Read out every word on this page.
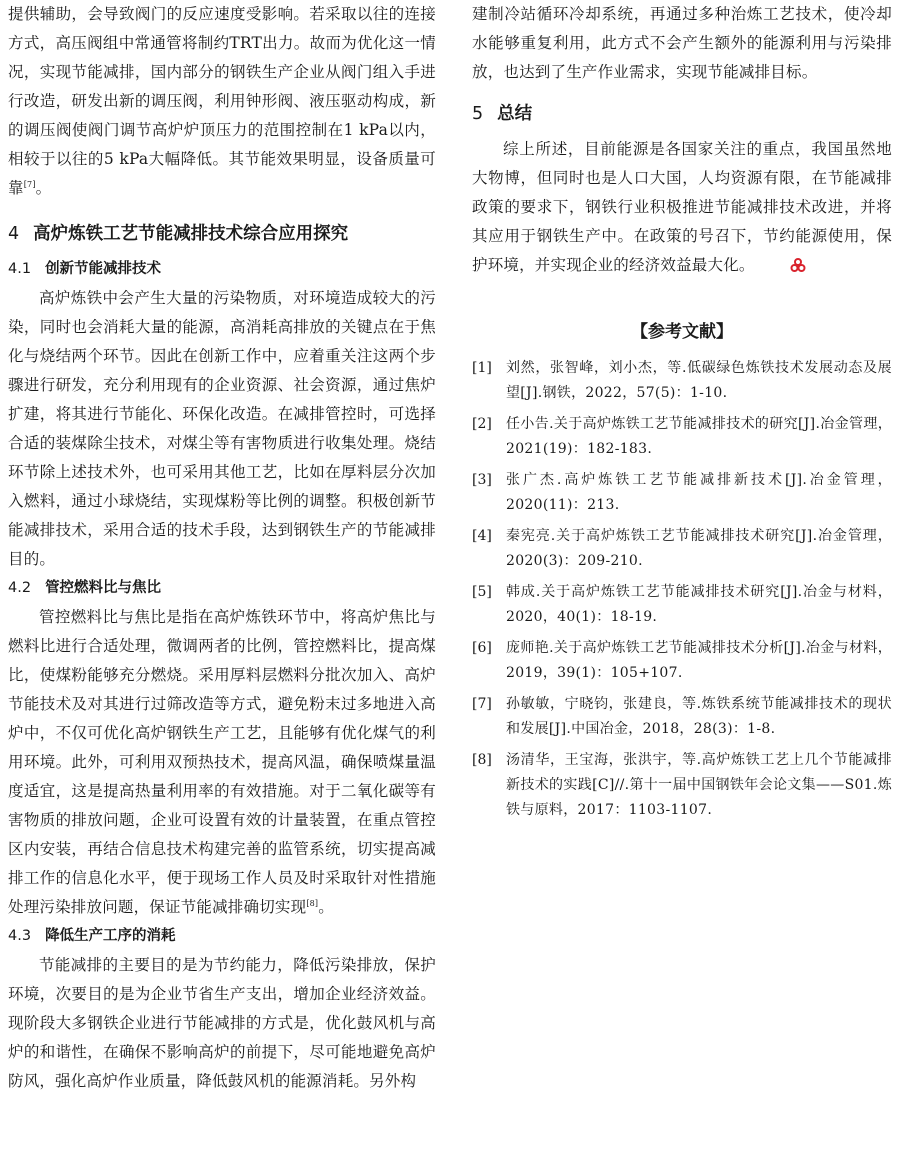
提供辅助，会导致阀门的反应速度受影响。若采取以往的连接方式，高压阀组中常通管将制约TRT出力。故而为优化这一情况，实现节能减排，国内部分的钢铁生产企业从阀门组入手进行改造，研发出新的调压阀，利用钟形阀、液压驱动构成，新的调压阀使阀门调节高炉炉顶压力的范围控制在1 kPa以内，相较于以往的5 kPa大幅降低。其节能效果明显，设备质量可靠[7]。

4 高炉炼铁工艺节能减排技术综合应用探究
4.1 创新节能减排技术

高炉炼铁中会产生大量的污染物质，对环境造成较大的污染，同时也会消耗大量的能源，高消耗高排放的关键点在于焦化与烧结两个环节。因此在创新工作中，应着重关注这两个步骤进行研发，充分利用现有的企业资源、社会资源，通过焦炉扩建，将其进行节能化、环保化改造。在减排管控时，可选择合适的装煤除尘技术，对煤尘等有害物质进行收集处理。烧结环节除上述技术外，也可采用其他工艺，比如在厚料层分次加入燃料，通过小球烧结，实现煤粉等比例的调整。积极创新节能减排技术，采用合适的技术手段，达到钢铁生产的节能减排目的。

4.2 管控燃料比与焦比

管控燃料比与焦比是指在高炉炼铁环节中，将高炉焦比与燃料比进行合适处理，微调两者的比例，管控燃料比，提高煤比，使煤粉能够充分燃烧。采用厚料层燃料分批次加入、高炉节能技术及对其进行过筛改造等方式，避免粉末过多地进入高炉中，不仅可优化高炉钢铁生产工艺，且能够有优化煤气的利用环境。此外，可利用双预热技术，提高风温，确保喷煤量温度适宜，这是提高热量利用率的有效措施。对于二氧化碳等有害物质的排放问题，企业可设置有效的计量装置，在重点管控区内安装，再结合信息技术构建完善的监管系统，切实提高减排工作的信息化水平，便于现场工作人员及时采取针对性措施处理污染排放问题，保证节能减排确切实现[8]。

4.3 降低生产工序的消耗

节能减排的主要目的是为节约能力，降低污染排放，保护环境，次要目的是为企业节省生产支出，增加企业经济效益。现阶段大多钢铁企业进行节能减排的方式是，优化鼓风机与高炉的和谐性，在确保不影响高炉的前提下，尽可能地避免高炉防风，强化高炉作业质量，降低鼓风机的能源消耗。另外构

建制冷站循环冷却系统，再通过多种治炼工艺技术，使冷却水能够重复利用，此方式不会产生额外的能源利用与污染排放，也达到了生产作业需求，实现节能减排目标。

5 总结

综上所述，目前能源是各国家关注的重点，我国虽然地大物博，但同时也是人口大国，人均资源有限，在节能减排政策的要求下，钢铁行业积极推进节能减排技术改进，并将其应用于钢铁生产中。在政策的号召下，节约能源使用，保护环境，并实现企业的经济效益最大化。

【参考文献】
[1]	刘然，张智峰，刘小杰，等.低碳绿色炼铁技术发展动态及展望[J].钢铁，2022，57(5)：1-10.
[2]	任小告.关于高炉炼铁工艺节能减排技术的研究[J].冶金管理，2021(19)：182-183.
[3]	张广杰.高炉炼铁工艺节能减排新技术[J].冶金管理，2020(11)：213.
[4]	秦宪亮.关于高炉炼铁工艺节能减排技术研究[J].冶金管理，2020(3)：209-210.
[5]	韩成.关于高炉炼铁工艺节能减排技术研究[J].冶金与材料，2020，40(1)：18-19.
[6]	庞师艳.关于高炉炼铁工艺节能减排技术分析[J].冶金与材料，2019，39(1)：105+107.
[7]	孙敏敏，宁晓钧，张建良，等.炼铁系统节能减排技术的现状和发展[J].中国冶金，2018，28(3)：1-8.
[8]	汤清华，王宝海，张洪宇，等.高炉炼铁工艺上几个节能减排新技术的实践[C]//.第十一届中国钢铁年会论文集——S01.炼铁与原料，2017：1103-1107.
